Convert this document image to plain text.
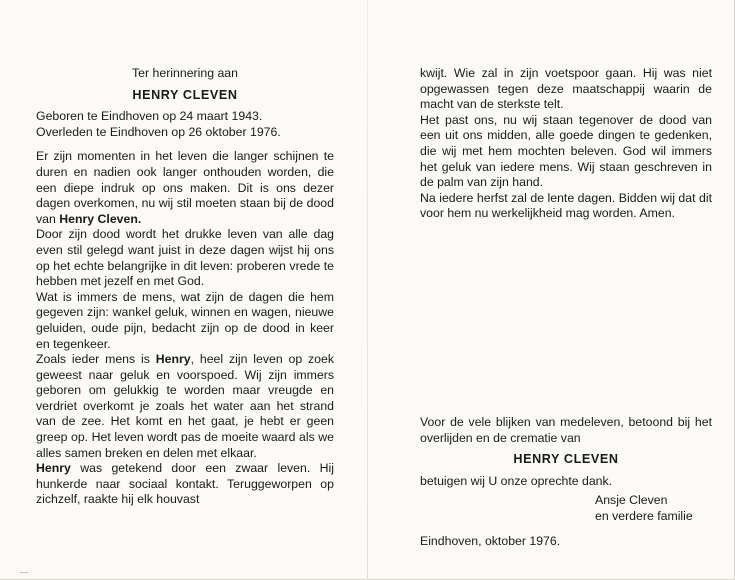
Ter herinnering aan
HENRY CLEVEN
Geboren te Eindhoven op 24 maart 1943.
Overleden te Eindhoven op 26 oktober 1976.
Er zijn momenten in het leven die langer schijnen te duren en nadien ook langer onthouden worden, die een diepe indruk op ons maken. Dit is ons dezer dagen overkomen, nu wij stil moeten staan bij de dood van Henry Cleven.
Door zijn dood wordt het drukke leven van alle dag even stil gelegd want juist in deze dagen wijst hij ons op het echte belangrijke in dit leven: proberen vrede te hebben met jezelf en met God.
Wat is immers de mens, wat zijn de dagen die hem gegeven zijn: wankel geluk, winnen en wagen, nieuwe geluiden, oude pijn, bedacht zijn op de dood in keer en tegenkeer.
Zoals ieder mens is Henry, heel zijn leven op zoek geweest naar geluk en voorspoed. Wij zijn immers geboren om gelukkig te worden maar vreugde en verdriet overkomt je zoals het water aan het strand van de zee. Het komt en het gaat, je hebt er geen greep op. Het leven wordt pas de moeite waard als we alles samen breken en delen met elkaar.
Henry was getekend door een zwaar leven. Hij hunkerde naar sociaal kontakt. Teruggeworpen op zichzelf, raakte hij elk houvast
kwijt. Wie zal in zijn voetspoor gaan. Hij was niet opgewassen tegen deze maatschappij waarin de macht van de sterkste telt.
Het past ons, nu wij staan tegenover de dood van een uit ons midden, alle goede dingen te gedenken, die wij met hem mochten beleven. God wil immers het geluk van iedere mens. Wij staan geschreven in de palm van zijn hand.
Na iedere herfst zal de lente dagen. Bidden wij dat dit voor hem nu werkelijkheid mag worden. Amen.
Voor de vele blijken van medeleven, betoond bij het overlijden en de crematie van
HENRY CLEVEN
betuigen wij U onze oprechte dank.
Ansje Cleven
en verdere familie
Eindhoven, oktober 1976.
